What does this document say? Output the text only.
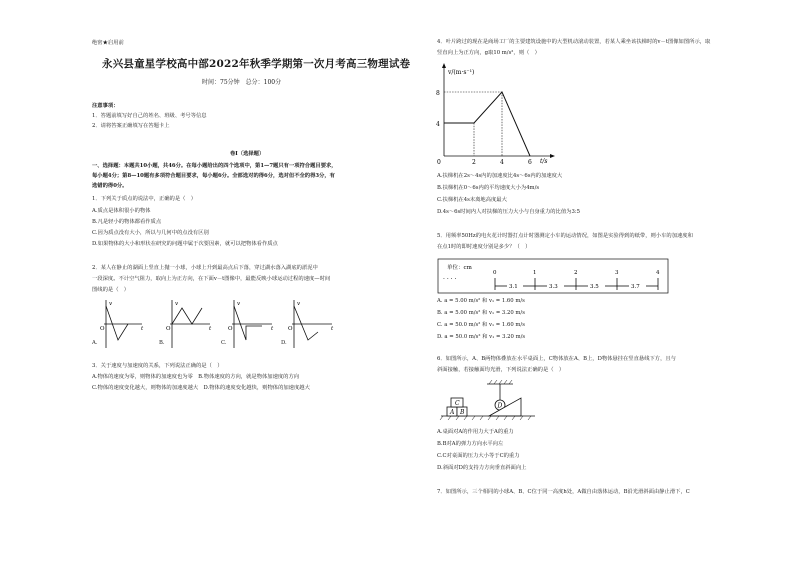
绝密★启用前
永兴县童星学校高中部2022年秋季学期第一次月考高三物理试卷
时间：75分钟　总分：100分
注意事项：
1．答题前填写好自己的姓名、班级、考号等信息
2．请将答案正确填写在答题卡上
卷I（选择题）
一、选择题：本题共10小题，共46分。在每小题给出的四个选项中，第1—7题只有一项符合题目要求，
每小题4分；第8—10题有多项符合题目要求，每小题6分。全部选对的得6分，选对但不全的得3分，有
选错的得0分。
1．下列关于质点的说法中，正确的是（　）
A.质点是体积很小的物体
B.凡是轻小的物体都看作质点
C.因为质点没有大小，所以与几何中的点没有区别
D.如果物体的大小和形状在研究的问题中属于次要因素，就可以把物体看作质点
2．某人在静止的湖面上竖直上抛一小球，小球上升到最高点后下落，穿过湖水落入湖底的淤泥中
一段深度。不计空气阻力，取向上为正方向，在下面v－t图像中，最能反映小球运动过程的速度—时间
图线的是（　）
v
t
O
v
t
O
v
t
O
v
t
O
A.	B.	C.	D.
3．关于速度与加速度的关系，下列说法正确的是（　）
A.物体的速度为零，则物体的加速度也为零　B.物体速度的方向，就是物体加速度的方向
C.物体的速度变化越大，则物体的加速度越大　D.物体的速度变化越快，则物体的加速度越大
4．叶片跨过的现在是商场工厂的主要建筑设施中的大型机动滚动装置，若某人乘坐该扶梯时的v－t图像如图所示，取
竖直向上为正方向，g取10 m/s²，则（　）
v/(m·s⁻¹)
t/s
8
4
0	2	4	6
A.扶梯机在2s～4s内的加速度比4s～6s内的加速度大
B.扶梯机在0～6s内的平均速度大小为4m/s
C.扶梯机在4s末离地高度最大
D.4s～6s时间内人对扶梯的压力大小与自身重力的比值为3:5
5．用频率50Hz的电火花计时器打点计时器测定小车的运动情况，如图是实验得到的纸带，则小车的加速度和
在点1时的即时速度分别是多少？（　）
单位：cm
· · · ·
0	1	2	3	4
3.1	3.3	3.5	3.7
A. a = 5.00 m/s² 和 v₁ = 1.60 m/s
B. a = 5.00 m/s² 和 v₁ = 3.20 m/s
C. a = 50.0 m/s² 和 v₁ = 1.60 m/s
D. a = 50.0 m/s² 和 v₁ = 3.20 m/s
6．如图所示，A、B两物体叠放在水平桌面上，C物体放在A、B上，D物体悬挂在竖直悬线下方，且与
斜面接触，若接触面均光滑，下列说法正确的是（　）
D
C
A B
A.桌面对A的作用力大于A的重力
B.B对A的弹力方向水平向左
C.C对桌面的压力大小等于C的重力
D.斜面对D的支持力方向垂直斜面向上
7．如图所示，三个相同的小球A、B、C位于同一高度h处，A做自由落体运动，B沿光滑斜面由静止滑下，C
